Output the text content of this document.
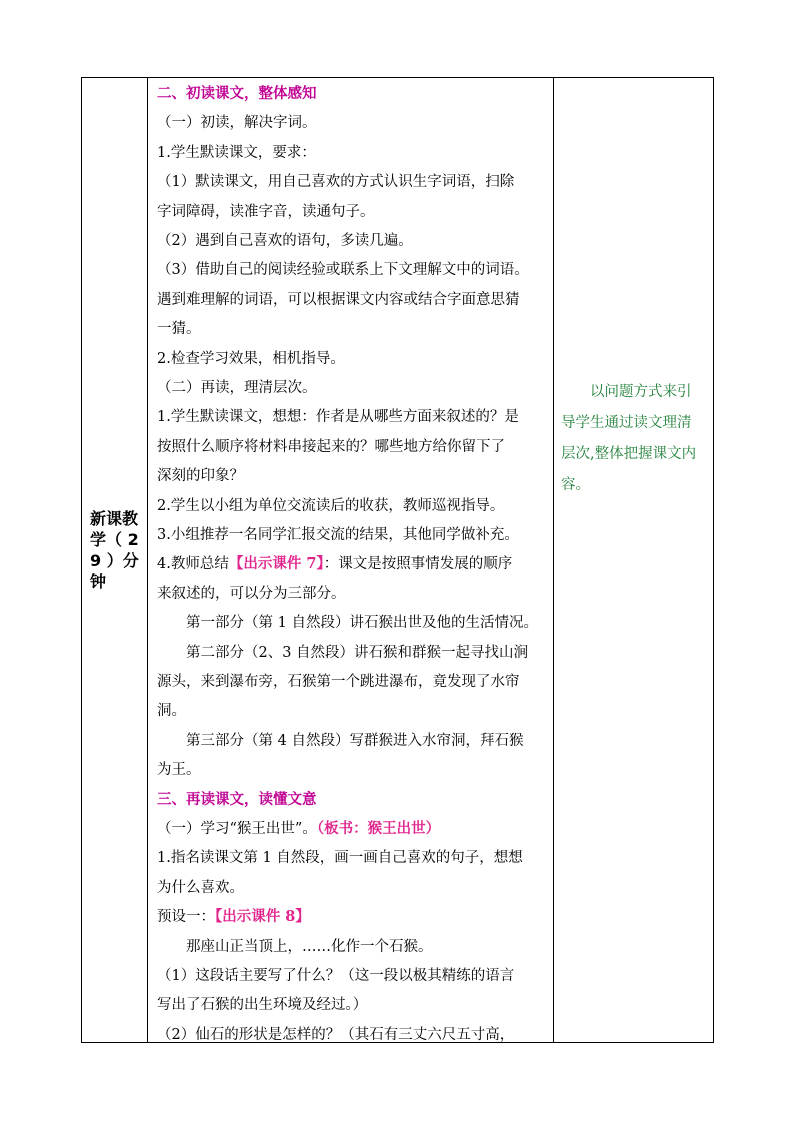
新课教学（ 29 ）分钟
二、初读课文，整体感知
（一）初读，解决字词。
1.学生默读课文，要求：
（1）默读课文，用自己喜欢的方式认识生字词语，扫除
字词障碍，读准字音，读通句子。
（2）遇到自己喜欢的语句，多读几遍。
（3）借助自己的阅读经验或联系上下文理解文中的词语。
遇到难理解的词语，可以根据课文内容或结合字面意思猜
一猜。
2.检查学习效果，相机指导。
（二）再读，理清层次。
1.学生默读课文，想想：作者是从哪些方面来叙述的？是
按照什么顺序将材料串接起来的？哪些地方给你留下了
深刻的印象？
2.学生以小组为单位交流读后的收获，教师巡视指导。
3.小组推荐一名同学汇报交流的结果，其他同学做补充。
4.教师总结【出示课件 7】：课文是按照事情发展的顺序
来叙述的，可以分为三部分。
　　第一部分（第 1 自然段）讲石猴出世及他的生活情况。
　　第二部分（2、3 自然段）讲石猴和群猴一起寻找山涧
源头，来到瀑布旁，石猴第一个跳进瀑布，竟发现了水帘
洞。
　　第三部分（第 4 自然段）写群猴进入水帘洞，拜石猴
为王。
三、再读课文，读懂文意
（一）学习“猴王出世”。（板书：猴王出世）
1.指名读课文第 1 自然段，画一画自己喜欢的句子，想想
为什么喜欢。
预设一：【出示课件 8】
　　那座山正当顶上，……化作一个石猴。
（1）这段话主要写了什么？（这一段以极其精练的语言
写出了石猴的出生环境及经过。）
（2）仙石的形状是怎样的？（其石有三丈六尺五寸高，
　　以问题方式来引
导学生通过读文理清
层次,整体把握课文内
容。
